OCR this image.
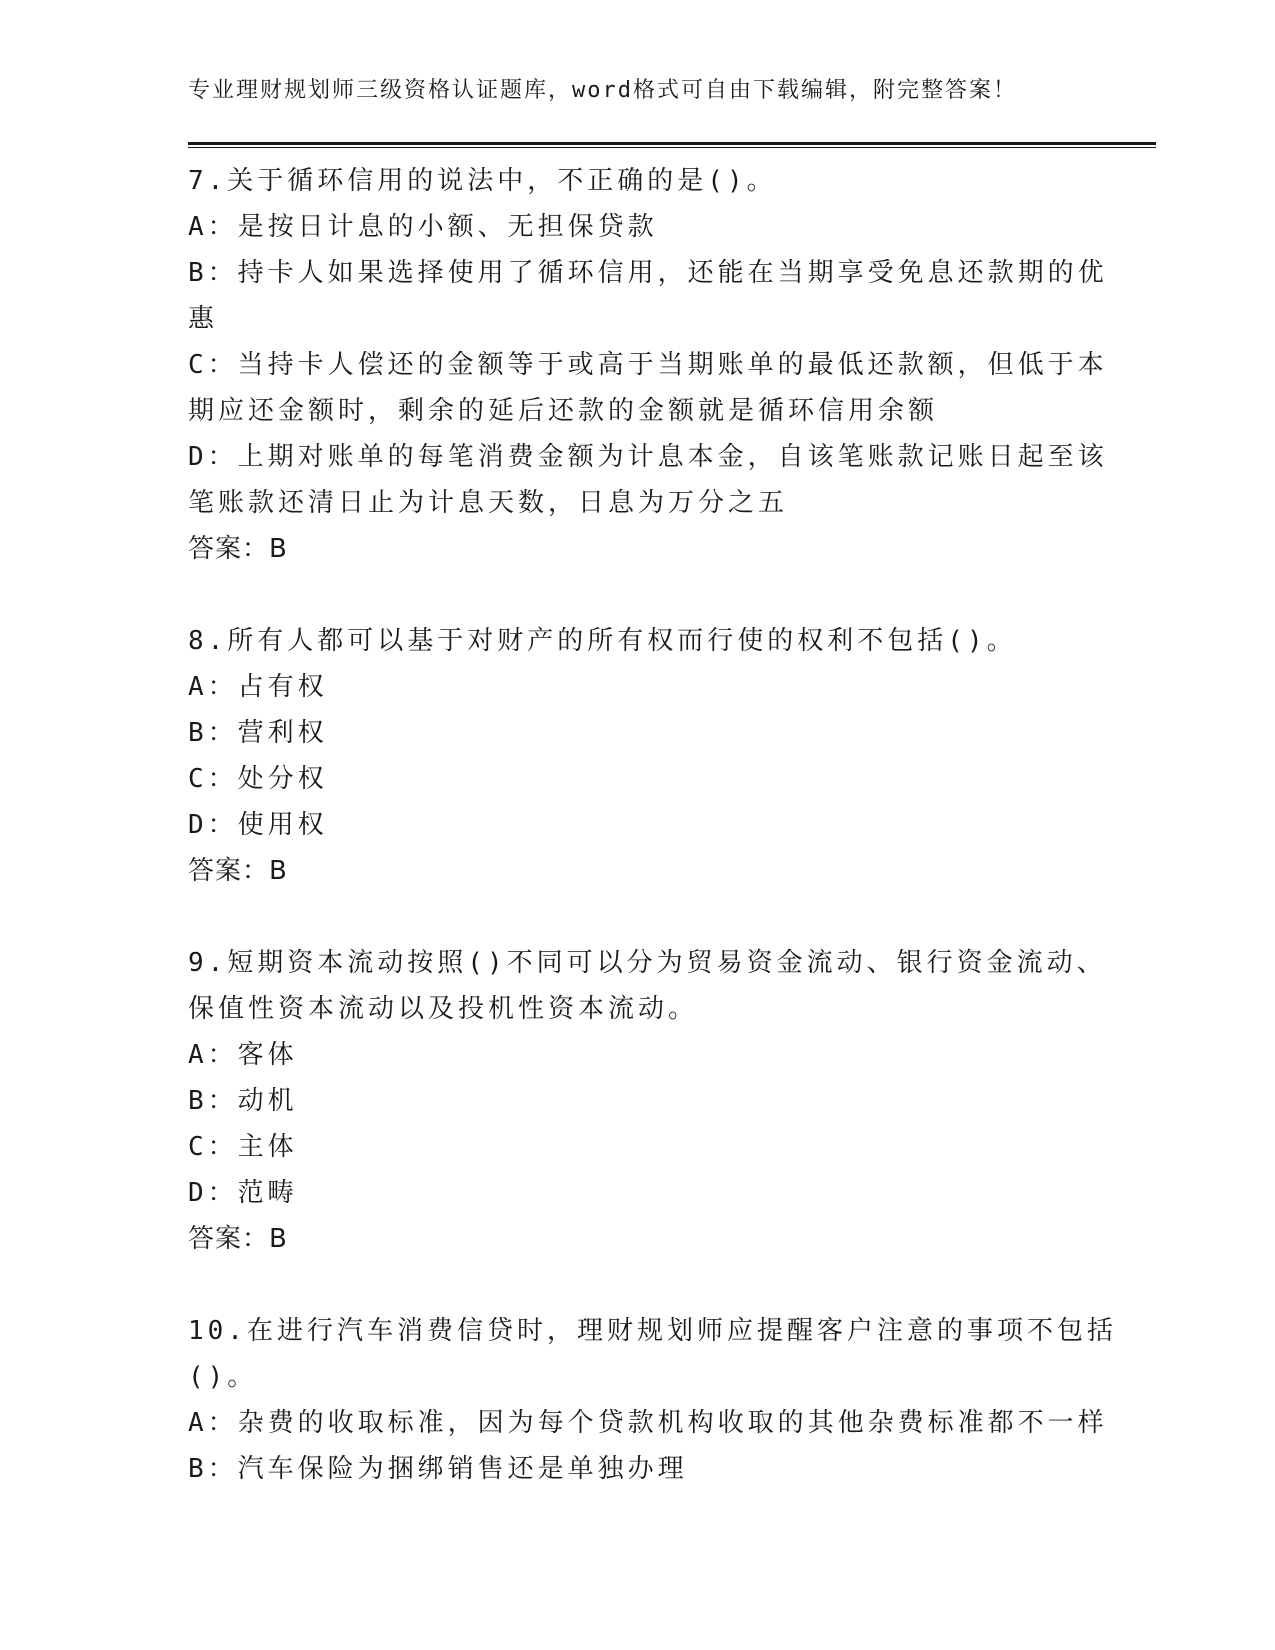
专业理财规划师三级资格认证题库，word格式可自由下载编辑，附完整答案！
7.关于循环信用的说法中，不正确的是()。
A：是按日计息的小额、无担保贷款
B：持卡人如果选择使用了循环信用，还能在当期享受免息还款期的优
惠
C：当持卡人偿还的金额等于或高于当期账单的最低还款额，但低于本
期应还金额时，剩余的延后还款的金额就是循环信用余额
D：上期对账单的每笔消费金额为计息本金，自该笔账款记账日起至该
笔账款还清日止为计息天数，日息为万分之五
答案：B
8.所有人都可以基于对财产的所有权而行使的权利不包括()。
A：占有权
B：营利权
C：处分权
D：使用权
答案：B
9.短期资本流动按照()不同可以分为贸易资金流动、银行资金流动、
保值性资本流动以及投机性资本流动。
A：客体
B：动机
C：主体
D：范畴
答案：B
10.在进行汽车消费信贷时，理财规划师应提醒客户注意的事项不包括
()。
A：杂费的收取标准，因为每个贷款机构收取的其他杂费标准都不一样
B：汽车保险为捆绑销售还是单独办理
